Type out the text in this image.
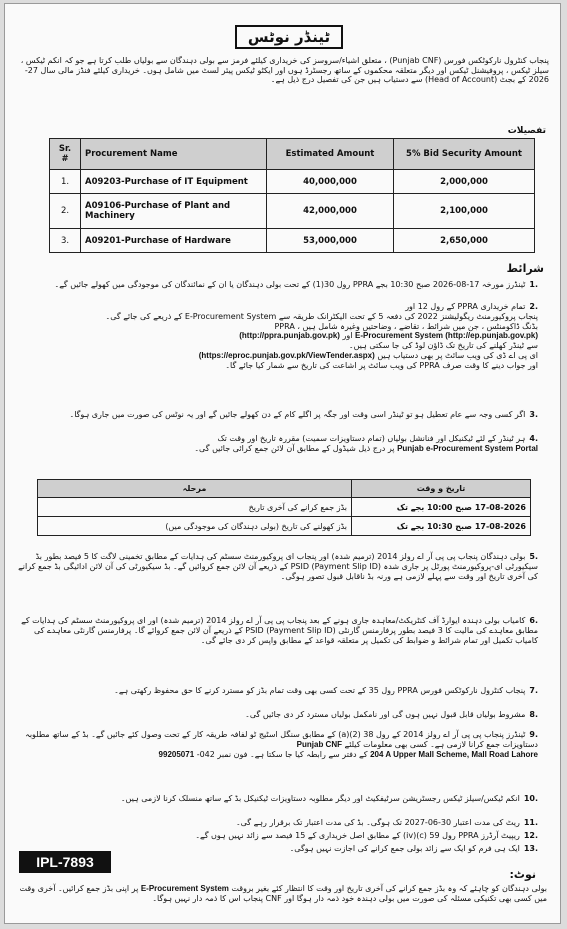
ٹینڈر نوٹس
پنجاب کنٹرول نارکوٹکس فورس (Punjab CNF) ، متعلق اشیاء/سروسز کی خریداری کیلئے فرمز سے بولی دہندگان سے بولیاں طلب کرتا ہے جو کہ انکم ٹیکس ، سیلز ٹیکس ، پروفیشنل ٹیکس اور دیگر متعلقہ محکموں کے ساتھ رجسٹرڈ ہوں اور ایکٹو ٹیکس پیئر لسٹ میں شامل ہوں۔ خریداری کیلئے فنڈز مالی سال 27-2026 کے بجٹ (Head of Account) سے دستیاب ہیں جن کی تفصیل درج ذیل ہے۔
تفصیلات
Sr. #	Procurement Name	Estimated Amount	5% Bid Security Amount
1.	A09203-Purchase of IT Equipment	40,000,000	2,000,000
2.	A09106-Purchase of Plant and Machinery	42,000,000	2,100,000
3.	A09201-Purchase of Hardware	53,000,000	2,650,000
شرائط
.1ٹینڈرز مورخہ 17-08-2026 صبح 10:30 بجے PPRA رول 30(1) کے تحت بولی دہندگان یا ان کے نمائندگان کی موجودگی میں کھولے جائیں گے۔
.2تمام خریداری PPRA کے رول 12 اور
پنجاب پروکیورمنٹ ریگولیشنز 2022 کی دفعہ 5 کے تحت الیکٹرانک طریقہ سے E-Procurement System کے ذریعے کی جائے گی۔
بڈنگ ڈاکومنٹس ، جن میں شرائط ، تقاضے ، وضاحتیں وغیرہ شامل ہیں ، PPRA
E-Procurement System (http://ep.punjab.gov.pk) اور (http://ppra.punjab.gov.pk)
سے ٹینڈر کھلنے کی تاریخ تک ڈاؤن لوڈ کی جا سکتی ہیں۔
ای پی اے ڈی کی ویب سائٹ پر بھی دستیاب ہیں (https://eproc.punjab.gov.pk/ViewTender.aspx)
اور جواب دینے کا وقت صرف PPRA کی ویب سائٹ پر اشاعت کی تاریخ سے شمار کیا جائے گا۔
.3اگر کسی وجہ سے عام تعطیل ہو تو ٹینڈر اسی وقت اور جگہ پر اگلے کام کے دن کھولے جائیں گے اور یہ نوٹس کی صورت میں جاری ہوگا۔
.4ہر ٹینڈر کے لئے ٹیکنیکل اور فنانشل بولیاں (تمام دستاویزات سمیت) مقررہ تاریخ اور وقت تک
Punjab e-Procurement System Portal پر درج ذیل شیڈول کے مطابق آن لائن جمع کرائی جائیں گی۔
مرحلہ	تاریخ و وقت
بڈز جمع کرانے کی آخری تاریخ	17-08-2026 صبح 10:00 بجے تک
بڈز کھولنے کی تاریخ (بولی دہندگان کی موجودگی میں)	17-08-2026 صبح 10:30 بجے تک
.5بولی دہندگان پنجاب پی پی آر اے رولز 2014 (ترمیم شدہ) اور پنجاب ای پروکیورمنٹ سسٹم کی ہدایات کے مطابق تخمینی لاگت کا 5 فیصد بطور بڈ سیکیورٹی ای-پروکیورمنٹ پورٹل پر جاری شدہ PSID (Payment Slip ID) کے ذریعے آن لائن جمع کروائیں گے۔ بڈ سیکیورٹی کی آن لائن ادائیگی بڈ جمع کرانے کی آخری تاریخ اور وقت سے پہلے لازمی ہے ورنہ بڈ ناقابل قبول تصور ہوگی۔
.6کامیاب بولی دہندہ ایوارڈ آف کنٹریکٹ/معاہدہ جاری ہونے کے بعد پنجاب پی پی آر اے رولز 2014 (ترمیم شدہ) اور ای پروکیورمنٹ سسٹم کی ہدایات کے مطابق معاہدے کی مالیت کا 3 فیصد بطور پرفارمنس گارنٹی PSID (Payment Slip ID) کے ذریعے آن لائن جمع کروائے گا۔ پرفارمنس گارنٹی معاہدے کی کامیاب تکمیل اور تمام شرائط و ضوابط کی تکمیل پر متعلقہ قواعد کے مطابق واپس کر دی جائے گی۔
.7پنجاب کنٹرول نارکوٹکس فورس PPRA رول 35 کے تحت کسی بھی وقت تمام بڈز کو مسترد کرنے کا حق محفوظ رکھتی ہے۔
.8مشروط بولیاں قابل قبول نہیں ہوں گی اور نامکمل بولیاں مسترد کر دی جائیں گی۔
.9ٹینڈرز پنجاب پی پی آر اے رولز 2014 کے رول 38 (2)(a) کے مطابق سنگل اسٹیج ٹو لفافہ طریقہ کار کے تحت وصول کئے جائیں گے۔ بڈ کے ساتھ مطلوبہ دستاویزات جمع کرانا لازمی ہے۔ کسی بھی معلومات کیلئے Punjab CNF
204 A Upper Mall Scheme, Mall Road Lahore کے دفتر سے رابطہ کیا جا سکتا ہے۔ فون نمبر 042- 99205071
.10انکم ٹیکس/سیلز ٹیکس رجسٹریشن سرٹیفکیٹ اور دیگر مطلوبہ دستاویزات ٹیکنیکل بڈ کے ساتھ منسلک کرنا لازمی ہیں۔
.11ریٹ کی مدت اعتبار 30-06-2027 تک ہوگی۔ بڈ کی مدت اعتبار تک برقرار رہے گی۔
.12ریپیٹ آرڈرز PPRA رول 59 (c)(iv) کے مطابق اصل خریداری کے 15 فیصد سے زائد نہیں ہوں گے۔
.13ایک ہی فرم کو ایک سے زائد بولی جمع کرانے کی اجازت نہیں ہوگی۔
IPL-7893
نوٹ:
بولی دہندگان کو چاہئے کہ وہ بڈز جمع کرانے کی آخری تاریخ اور وقت کا انتظار کئے بغیر بروقت E-Procurement System پر اپنی بڈز جمع کرائیں۔ آخری وقت میں کسی بھی تکنیکی مسئلہ کی صورت میں بولی دہندہ خود ذمہ دار ہوگا اور CNF پنجاب اس کا ذمہ دار نہیں ہوگا۔
